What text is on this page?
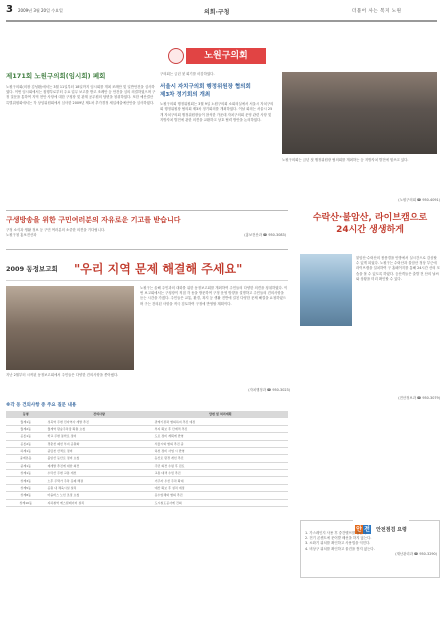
3 2009년 3월 20일 수요일	의회·구청	더불어 사는 복지 노원
노원구의회
제171회 노원구의회(임시회) 폐회
노원구의회(의장 김성환)에서는 3월 11일부터 18일까지 임시회를 개최 조례안 및 일반안건을 심사하였다. 이번 임시회에서는 집행부로부터 주요 업무 보고를 받고 조례안 등 안건을 심의 의결하였으며 구정 질문을 통하여 지역 현안 사항에 대한 구청장 및 관계 공무원의 답변을 청취하였다. 또한 예산결산특별위원회에서는 각 상임위원회에서 심사한 2009년 제1차 추가경정 세입세출예산안을 심사하였다.
구의회는 금년 첫 회기를 마감하였다.
서울시 자치구의회 행정위원장 협의회
제3차 정기회의 개최
노원구의회 행정위원회는 3월 9일 노원구의회 소회의실에서 서울시 자치구의회 행정위원장 협의회 제3차 정기회의를 개최하였다. 이날 회의는 서울시 25개 자치구의회 행정위원장들이 참석한 가운데 자치구의회 운영 관련 사항 및 지방자치 발전에 관한 의견을 교환하고 상호 협력 방안을 논의하였다.
노원구의회는 금년 첫 행정위원장 협의회를 개최하는 등 지방자치 발전에 힘쓰고 있다.
(노원구의회 ☎ 950-4091)
구생방송을 위한 구민여러분의 자유로운 기고를 받습니다
구정 소식과 생활 정보 등 구민 여러분의 소중한 의견을 기다립니다.
노원구청 홍보전산과	(홍보전산과 ☎ 950-3083)
2009 동정보고회 "우리 지역 문제 해결해 주세요"
지난 2월부터 시작된 동정보고회에서 주민들은 다양한 건의사항을 쏟아냈다.
노원구는 올해 주민과의 대화를 위한 동정보고회를 개최하여 주민들의 다양한 의견을 청취하였다. 이번 보고회에서는 구청장이 직접 각 동을 방문하여 구정 운영 방향을 설명하고 주민들의 건의사항을 듣는 시간을 가졌다. 주민들은 교통, 환경, 복지 등 생활 전반에 걸친 다양한 문제 해결을 요청하였으며 구는 건의된 사항을 적극 검토하여 구정에 반영할 계획이다.
(자치행정과 ☎ 950-3023)
※각 동 건의사항 중 주요 질문 내용
동명	건의사항	답변 및 처리계획
월계1동	성북역 주변 민자역사 개발 추진	관계기관과 협의하여 추진 예정
월계2동	월계역 환승주차장 확충 요청	부지 확보 후 단계적 추진
공릉1동	학교 주변 통학로 정비	도로 정비 계획에 반영
공릉2동	경춘선 폐선 부지 공원화	서울시와 협의 추진 중
하계1동	중랑천 산책로 정비	하천 정비 사업 시 반영
중계본동	불암산 등산로 정비 요청	등산로 환경 개선 추진
중계1동	재개발 추진에 대한 의견	주민 의견 수렴 후 검토
상계1동	수락산 주변 교통 개선	교통 대책 수립 추진
상계3동	노후 주택가 주차 문제 해결	거주자 우선 주차 확대
상계5동	공원 내 체육시설 설치	예산 확보 후 설치 예정
상계8동	마을버스 노선 조정 요청	운수업체와 협의 추진
상계10동	지하철역 에스컬레이터 설치	도시철도공사에 건의
수락산·불암산, 라이브캠으로
24시간 생생하게
불암산·수락산의 봄풍경을 안방에서 실시간으로 감상할 수 있게 되었다. 노원구는 수락산과 불암산 정상 부근에 라이브캠을 설치하여 구 홈페이지를 통해 24시간 산의 모습을 볼 수 있도록 하였다. 등산객들은 출발 전 산의 날씨와 상황을 미리 확인할 수 있다.
(전산정보과 ☎ 950-3079)
안 전 안전점검 요령
1. 가스레인지 사용 후 중간밸브를 잠근다.
2. 전기 콘센트에 문어발 배선을 하지 않는다.
3. 소화기 위치를 확인하고 사용법을 익힌다.
4. 비상구 위치를 확인하고 물건을 쌓지 않는다.
(재난관리과 ☎ 950-3290)
